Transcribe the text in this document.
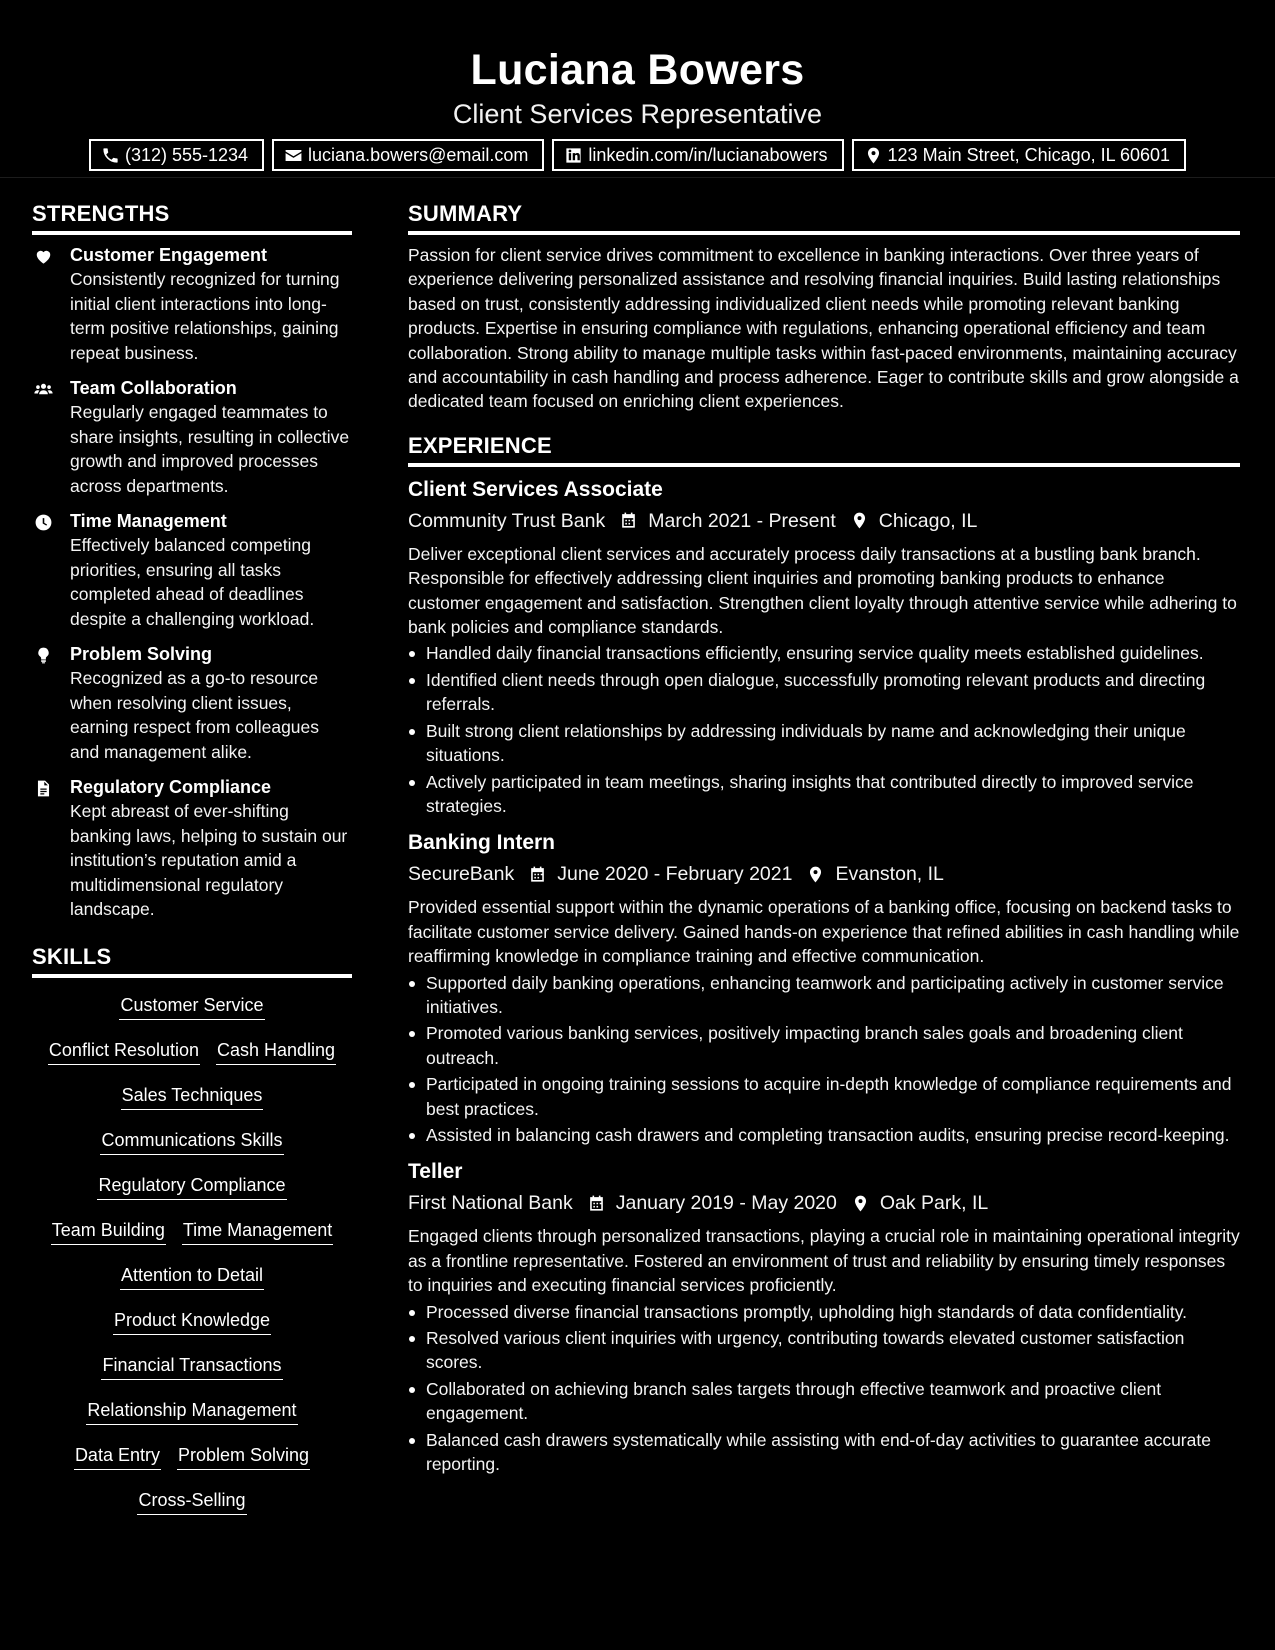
Luciana Bowers
Client Services Representative
(312) 555-1234	luciana.bowers@email.com	linkedin.com/in/lucianabowers	123 Main Street, Chicago, IL 60601
STRENGTHS
Customer Engagement
Consistently recognized for turning initial client interactions into long-term positive relationships, gaining repeat business.
Team Collaboration
Regularly engaged teammates to share insights, resulting in collective growth and improved processes across departments.
Time Management
Effectively balanced competing priorities, ensuring all tasks completed ahead of deadlines despite a challenging workload.
Problem Solving
Recognized as a go-to resource when resolving client issues, earning respect from colleagues and management alike.
Regulatory Compliance
Kept abreast of ever-shifting banking laws, helping to sustain our institution’s reputation amid a multidimensional regulatory landscape.
SKILLS
Customer Service
Conflict Resolution Cash Handling
Sales Techniques
Communications Skills
Regulatory Compliance
Team Building Time Management
Attention to Detail
Product Knowledge
Financial Transactions
Relationship Management
Data Entry Problem Solving
Cross-Selling
SUMMARY
Passion for client service drives commitment to excellence in banking interactions. Over three years of experience delivering personalized assistance and resolving financial inquiries. Build lasting relationships based on trust, consistently addressing individualized client needs while promoting relevant banking products. Expertise in ensuring compliance with regulations, enhancing operational efficiency and team collaboration. Strong ability to manage multiple tasks within fast-paced environments, maintaining accuracy and accountability in cash handling and process adherence. Eager to contribute skills and grow alongside a dedicated team focused on enriching client experiences.
EXPERIENCE
Client Services Associate
Community Trust Bank March 2021 - Present Chicago, IL
Deliver exceptional client services and accurately process daily transactions at a bustling bank branch. Responsible for effectively addressing client inquiries and promoting banking products to enhance customer engagement and satisfaction. Strengthen client loyalty through attentive service while adhering to bank policies and compliance standards.
Handled daily financial transactions efficiently, ensuring service quality meets established guidelines.
Identified client needs through open dialogue, successfully promoting relevant products and directing referrals.
Built strong client relationships by addressing individuals by name and acknowledging their unique situations.
Actively participated in team meetings, sharing insights that contributed directly to improved service strategies.
Banking Intern
SecureBank June 2020 - February 2021 Evanston, IL
Provided essential support within the dynamic operations of a banking office, focusing on backend tasks to facilitate customer service delivery. Gained hands-on experience that refined abilities in cash handling while reaffirming knowledge in compliance training and effective communication.
Supported daily banking operations, enhancing teamwork and participating actively in customer service initiatives.
Promoted various banking services, positively impacting branch sales goals and broadening client outreach.
Participated in ongoing training sessions to acquire in-depth knowledge of compliance requirements and best practices.
Assisted in balancing cash drawers and completing transaction audits, ensuring precise record-keeping.
Teller
First National Bank January 2019 - May 2020 Oak Park, IL
Engaged clients through personalized transactions, playing a crucial role in maintaining operational integrity as a frontline representative. Fostered an environment of trust and reliability by ensuring timely responses to inquiries and executing financial services proficiently.
Processed diverse financial transactions promptly, upholding high standards of data confidentiality.
Resolved various client inquiries with urgency, contributing towards elevated customer satisfaction scores.
Collaborated on achieving branch sales targets through effective teamwork and proactive client engagement.
Balanced cash drawers systematically while assisting with end-of-day activities to guarantee accurate reporting.
